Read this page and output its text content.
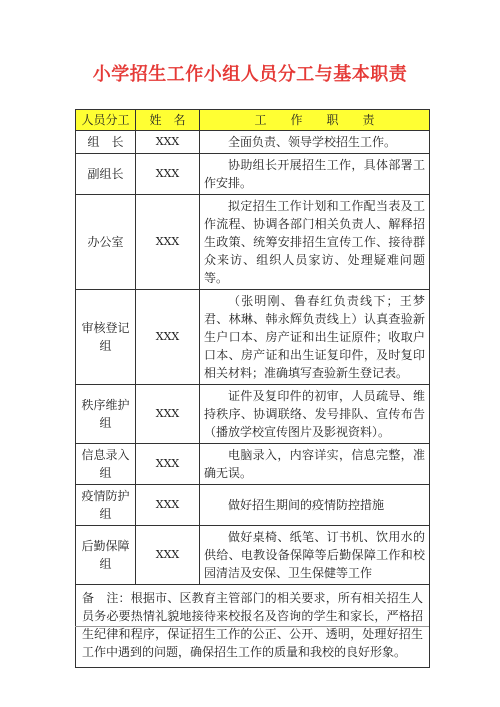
小学招生工作小组人员分工与基本职责
人员分工	姓　名	工　　作　　职　　责
组　长	XXX	全面负责、领导学校招生工作。

副组长	XXX	协助组长开展招生工作，具体部署工作安排。

办公室	XXX	拟定招生工作计划和工作配当表及工作流程、协调各部门相关负责人、解释招生政策、统筹安排招生宣传工作、接待群众来访、组织人员家访、处理疑难问题等。

审核登记组	XXX	（张明刚、鲁春红负责线下；王梦君、林琳、韩永辉负责线上）认真查验新生户口本、房产证和出生证原件；收取户口本、房产证和出生证复印件，及时复印相关材料；准确填写查验新生登记表。

秩序维护组	XXX	证件及复印件的初审，人员疏导、维持秩序、协调联络、发号排队、宣传布告（播放学校宣传图片及影视资料）。

信息录入组	XXX	电脑录入，内容详实，信息完整，准确无误。

疫情防护组	XXX	做好招生期间的疫情防控措施

后勤保障组	XXX	做好桌椅、纸笔、订书机、饮用水的供给、电教设备保障等后勤保障工作和校园清洁及安保、卫生保健等工作

备　注：根据市、区教育主管部门的相关要求，所有相关招生人员务必要热情礼貌地接待来校报名及咨询的学生和家长，严格招生纪律和程序，保证招生工作的公正、公开、透明，处理好招生工作中遇到的问题，确保招生工作的质量和我校的良好形象。		
